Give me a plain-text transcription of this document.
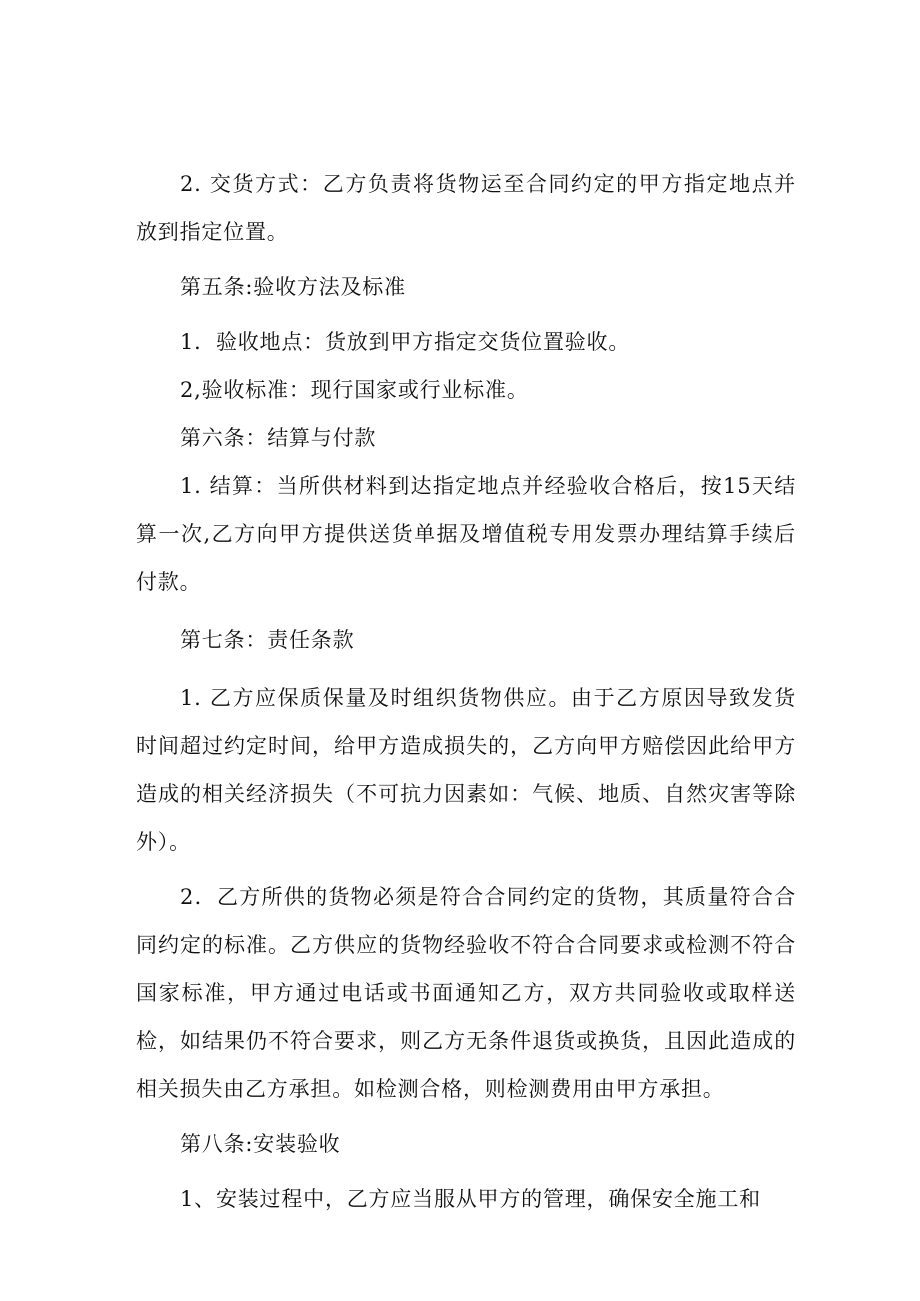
2. 交货方式：乙方负责将货物运至合同约定的甲方指定地点并放到指定位置。

第五条:验收方法及标准

1．验收地点：货放到甲方指定交货位置验收。

2,验收标准：现行国家或行业标准。

第六条：结算与付款

1. 结算：当所供材料到达指定地点并经验收合格后，按15天结算一次,乙方向甲方提供送货单据及增值税专用发票办理结算手续后付款。

第七条：责任条款

1. 乙方应保质保量及时组织货物供应。由于乙方原因导致发货时间超过约定时间，给甲方造成损失的，乙方向甲方赔偿因此给甲方造成的相关经济损失（不可抗力因素如：气候、地质、自然灾害等除外）。

2．乙方所供的货物必须是符合合同约定的货物，其质量符合合同约定的标准。乙方供应的货物经验收不符合合同要求或检测不符合国家标准，甲方通过电话或书面通知乙方，双方共同验收或取样送检，如结果仍不符合要求，则乙方无条件退货或换货，且因此造成的相关损失由乙方承担。如检测合格，则检测费用由甲方承担。

第八条:安装验收

1、安装过程中，乙方应当服从甲方的管理，确保安全施工和
